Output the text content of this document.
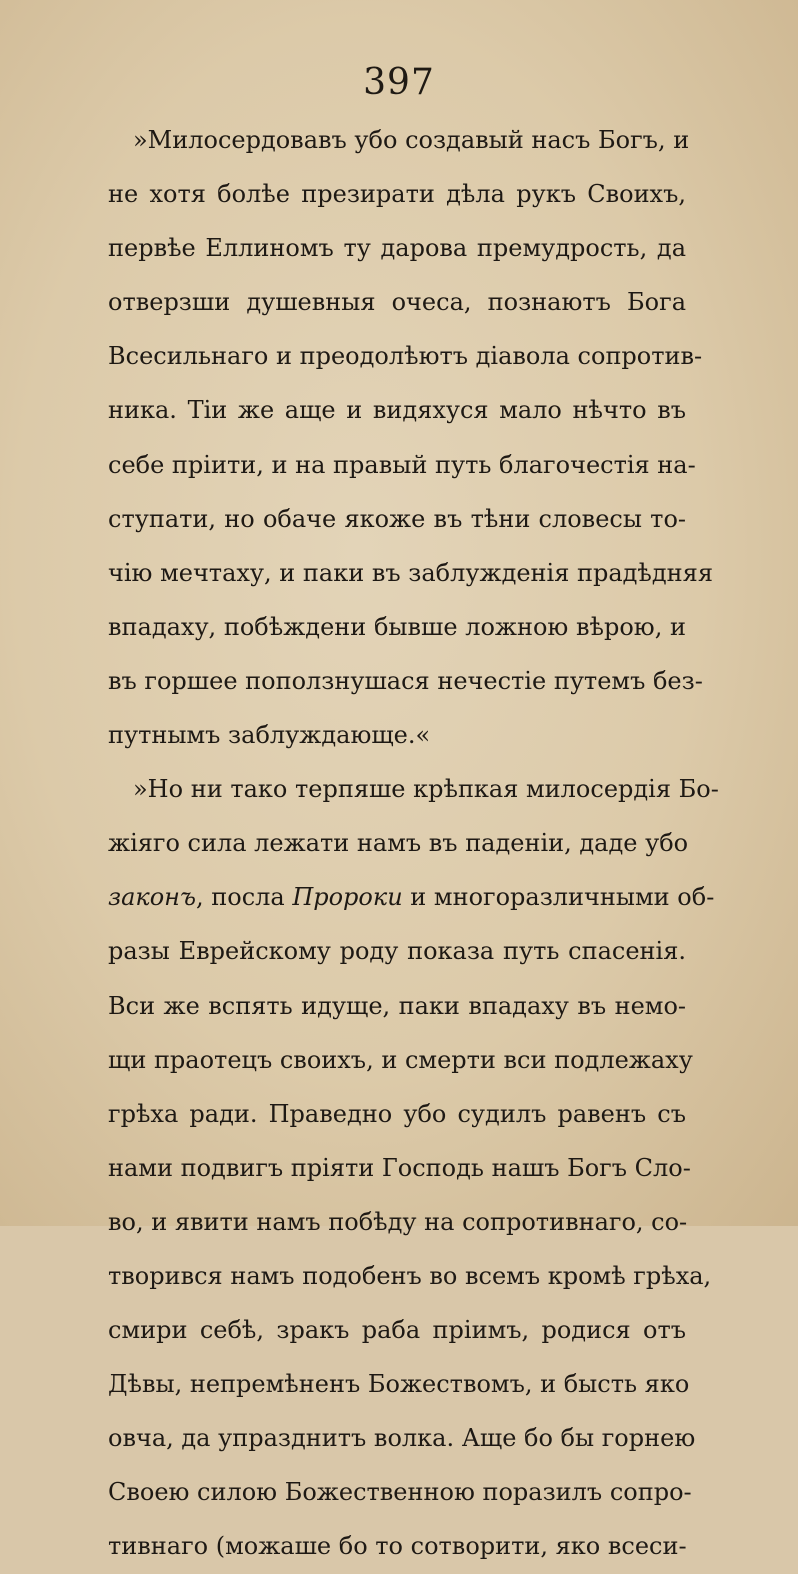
397
»Милосердовавъ убо создавый насъ Богъ, и
не хотя болѣе презирати дѣла рукъ Своихъ,
первѣе Еллиномъ ту дарова премудрость, да
отверзши душевныя очеса, познаютъ Бога
Всесильнаго и преодолѣютъ діавола сопротив-
ника. Тіи же аще и видяхуся мало нѣчто въ
себе пріити, и на правый путь благочестія на-
ступати, но обаче якоже въ тѣни словесы то-
чію мечтаху, и паки въ заблужденія прадѣдняя
впадаху, побѣждени бывше ложною вѣрою, и
въ горшее поползнушася нечестіе путемъ без-
путнымъ заблуждающе.«
»Но ни тако терпяше крѣпкая милосердія Бо-
жіяго сила лежати намъ въ паденіи, даде убо
законъ, посла Пророки и многоразличными об-
разы Еврейскому роду показа путь спасенія.
Вси же вспять идуще, паки впадаху въ немо-
щи праотецъ своихъ, и смерти вси подлежаху
грѣха ради. Праведно убо судилъ равенъ съ
нами подвигъ пріяти Господь нашъ Богъ Сло-
во, и явити намъ побѣду на сопротивнаго, со-
творився намъ подобенъ во всемъ кромѣ грѣха,
смири себѣ, зракъ раба пріимъ, родися отъ
Дѣвы, непремѣненъ Божествомъ, и бысть яко
овча, да упразднитъ волка. Аще бо бы горнею
Своею силою Божественною поразилъ сопро-
тивнаго (можаше бо то сотворити, яко всеси-
